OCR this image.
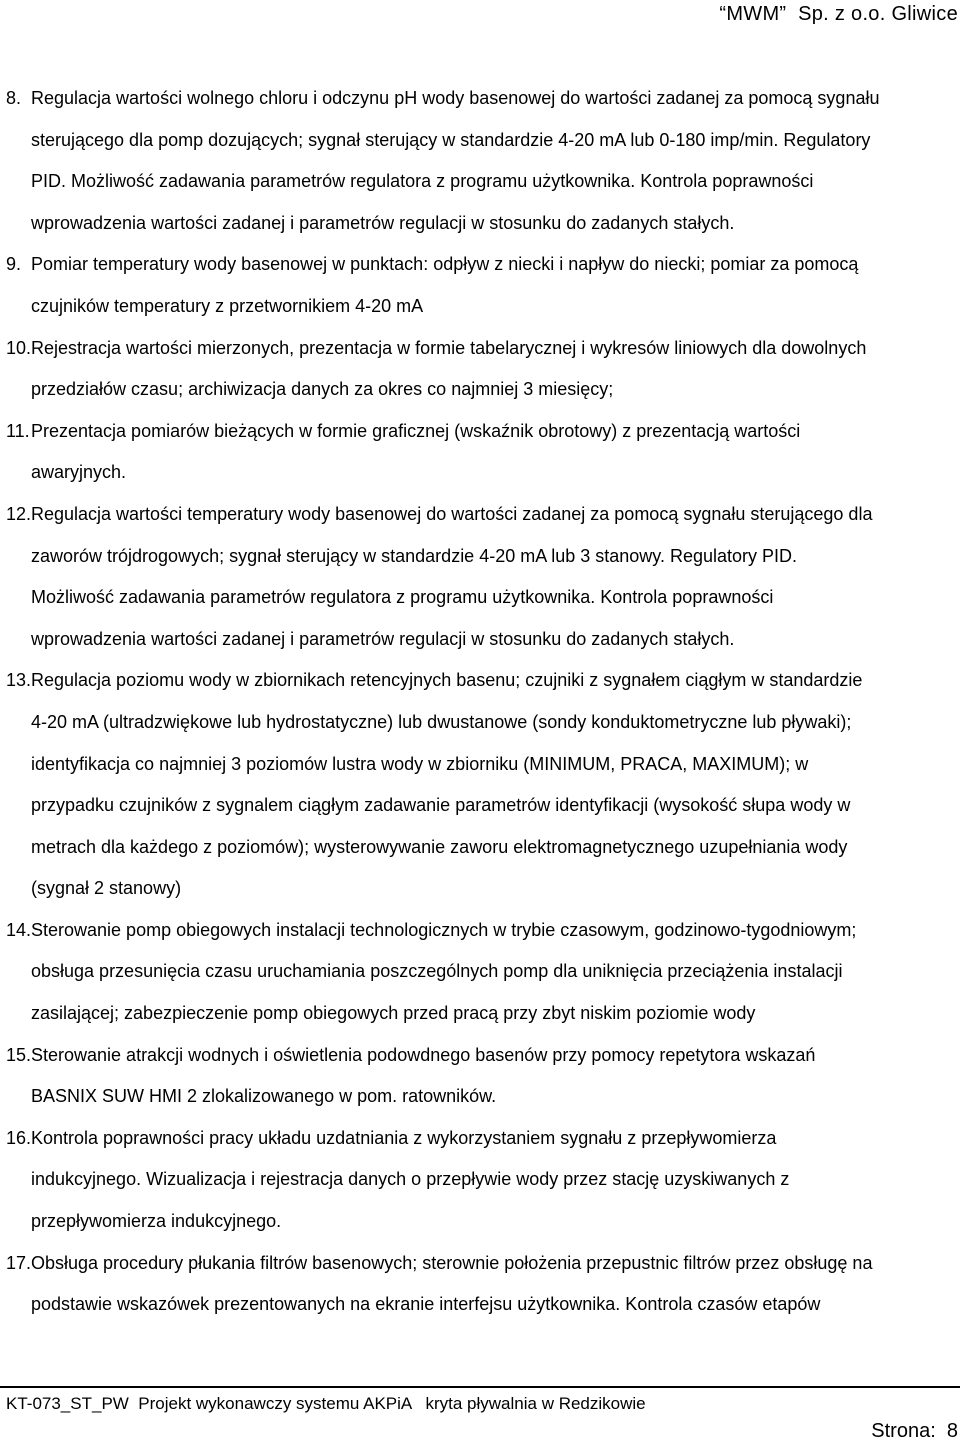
“MWM”  Sp. z o.o. Gliwice
8. Regulacja wartości wolnego chloru i odczynu pH wody basenowej do wartości zadanej za pomocą sygnału
sterującego dla pomp dozujących; sygnał sterujący w standardzie 4-20 mA lub 0-180 imp/min. Regulatory
PID. Możliwość zadawania parametrów regulatora z programu użytkownika. Kontrola poprawności
wprowadzenia wartości zadanej i parametrów regulacji w stosunku do zadanych stałych.
9. Pomiar temperatury wody basenowej w punktach: odpływ z niecki i napływ do niecki; pomiar za pomocą
czujników temperatury z przetwornikiem 4-20 mA
10. Rejestracja wartości mierzonych, prezentacja w formie tabelarycznej i wykresów liniowych dla dowolnych
przedziałów czasu; archiwizacja danych za okres co najmniej 3 miesięcy;
11. Prezentacja pomiarów bieżących w formie graficznej (wskaźnik obrotowy) z prezentacją wartości
awaryjnych.
12. Regulacja wartości temperatury wody basenowej do wartości zadanej za pomocą sygnału sterującego dla
zaworów trójdrogowych; sygnał sterujący w standardzie 4-20 mA lub 3 stanowy. Regulatory PID.
Możliwość zadawania parametrów regulatora z programu użytkownika. Kontrola poprawności
wprowadzenia wartości zadanej i parametrów regulacji w stosunku do zadanych stałych.
13. Regulacja poziomu wody w zbiornikach retencyjnych basenu; czujniki z sygnałem ciągłym w standardzie
4-20 mA (ultradzwiękowe lub hydrostatyczne) lub dwustanowe (sondy konduktometryczne lub pływaki);
identyfikacja co najmniej 3 poziomów lustra wody w zbiorniku (MINIMUM, PRACA, MAXIMUM); w
przypadku czujników z sygnalem ciągłym zadawanie parametrów identyfikacji (wysokość słupa wody w
metrach dla każdego z poziomów); wysterowywanie zaworu elektromagnetycznego uzupełniania wody
(sygnał 2 stanowy)
14. Sterowanie pomp obiegowych instalacji technologicznych w trybie czasowym, godzinowo-tygodniowym;
obsługa przesunięcia czasu uruchamiania poszczególnych pomp dla uniknięcia przeciążenia instalacji
zasilającej; zabezpieczenie pomp obiegowych przed pracą przy zbyt niskim poziomie wody
15. Sterowanie atrakcji wodnych i oświetlenia podowdnego basenów przy pomocy repetytora wskazań
BASNIX SUW HMI 2 zlokalizowanego w pom. ratowników.
16. Kontrola poprawności pracy układu uzdatniania z wykorzystaniem sygnału z przepływomierza
indukcyjnego. Wizualizacja i rejestracja danych o przepływie wody przez stację uzyskiwanych z
przepływomierza indukcyjnego.
17. Obsługa procedury płukania filtrów basenowych; sterownie położenia przepustnic filtrów przez obsługę na
podstawie wskazówek prezentowanych na ekranie interfejsu użytkownika. Kontrola czasów etapów
KT-073_ST_PW  Projekt wykonawczy systemu AKPiA   kryta pływalnia w Redzikowie
Strona:  8
